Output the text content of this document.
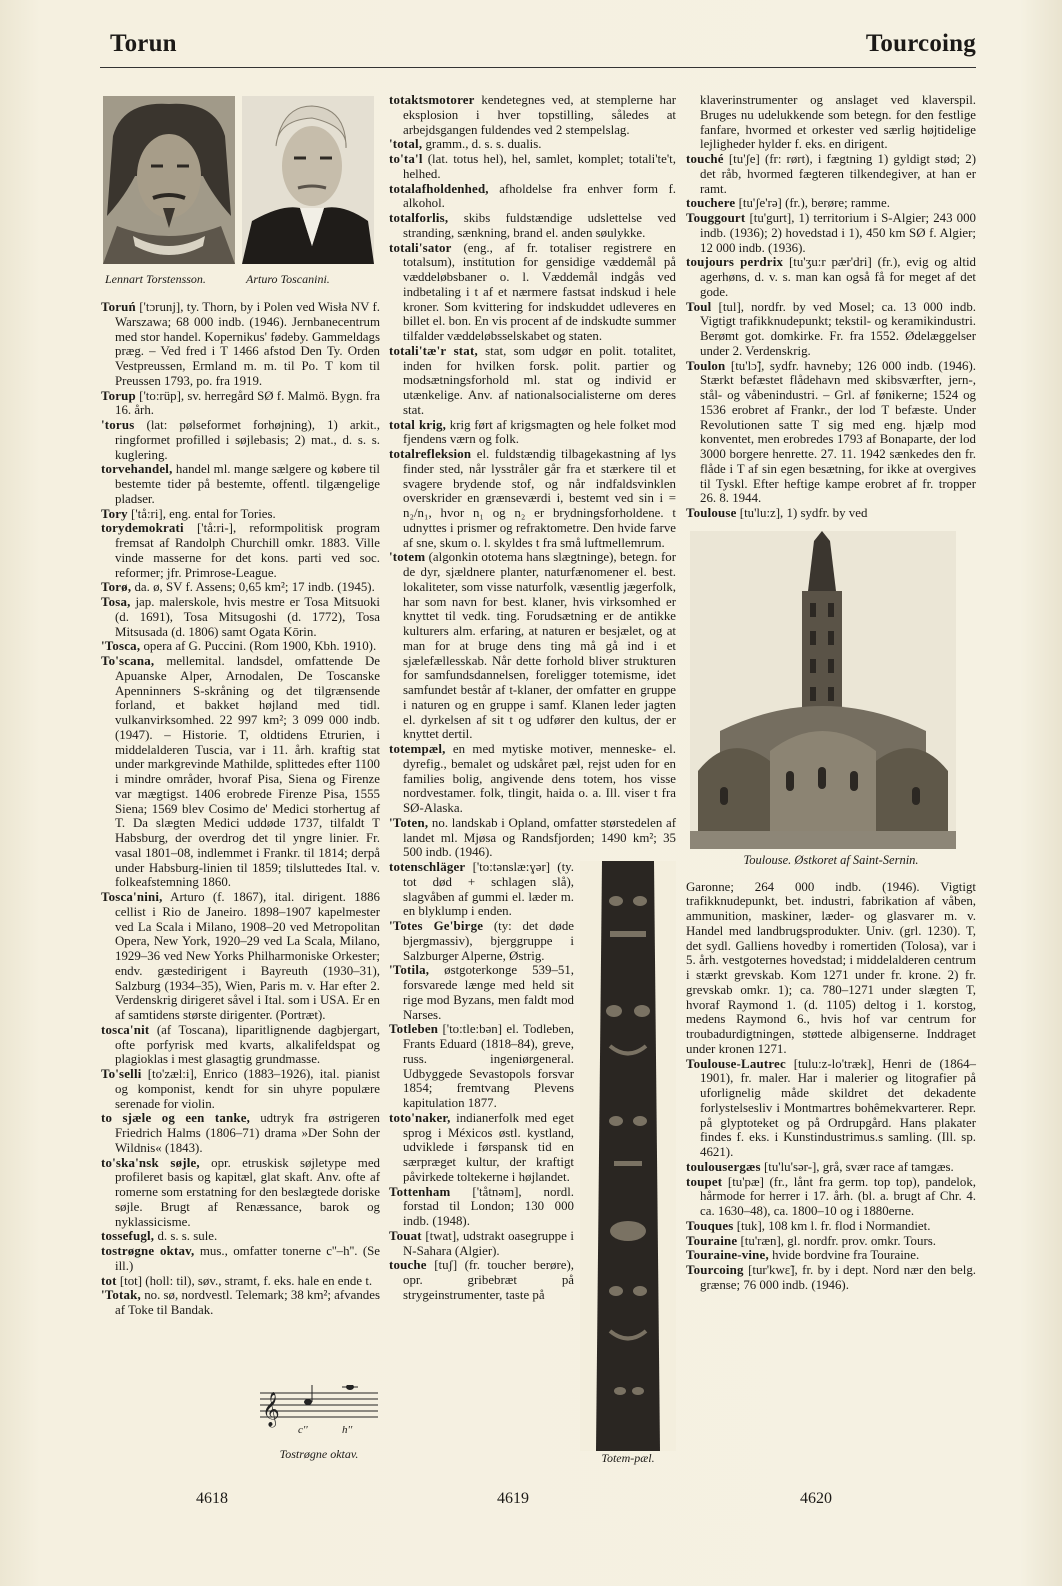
Torun	Tourcoing
Lennart Torstensson.	Arturo Toscanini.
𝄞
c''	h''
Tostrøgne oktav.

Toruń ['tɔrunj], ty. Thorn, by i Polen ved Wisła NV f. Warszawa; 68 000 indb. (1946). Jernbanecentrum med stor handel. Kopernikus' fødeby. Gammeldags præg. – Ved fred i T 1466 afstod Den Ty. Orden Vestpreussen, Ermland m. m. til Po. T kom til Preussen 1793, po. fra 1919.

Torup ['to:rüp], sv. herregård SØ f. Malmö. Bygn. fra 16. årh.

'torus (lat: pølseformet forhøjning), 1) arkit., ringformet profilled i søjlebasis; 2) mat., d. s. s. kuglering.

torvehandel, handel ml. mange sælgere og købere til bestemte tider på bestemte, offentl. tilgængelige pladser.

Tory ['tå:ri], eng. ental for Tories.

torydemokrati ['tå:ri-], reformpolitisk program fremsat af Randolph Churchill omkr. 1883. Ville vinde masserne for det kons. parti ved soc. reformer; jfr. Primrose-League.

Torø, da. ø, SV f. Assens; 0,65 km²; 17 indb. (1945).

Tosa, jap. malerskole, hvis mestre er Tosa Mitsuoki (d. 1691), Tosa Mitsugoshi (d. 1772), Tosa Mitsusada (d. 1806) samt Ogata Kōrin.

'Tosca, opera af G. Puccini. (Rom 1900, Kbh. 1910).

To'scana, mellemital. landsdel, omfattende De Apuanske Alper, Arnodalen, De Toscanske Apenninners S-skråning og det tilgrænsende forland, et bakket højland med tidl. vulkanvirksomhed. 22 997 km²; 3 099 000 indb. (1947). – Historie. T, oldtidens Etrurien, i middelalderen Tuscia, var i 11. årh. kraftig stat under markgrevinde Mathilde, splittedes efter 1100 i mindre områder, hvoraf Pisa, Siena og Firenze var mægtigst. 1406 erobrede Firenze Pisa, 1555 Siena; 1569 blev Cosimo de' Medici storhertug af T. Da slægten Medici uddøde 1737, tilfaldt T Habsburg, der overdrog det til yngre linier. Fr. vasal 1801–08, indlemmet i Frankr. til 1814; derpå under Habsburg-linien til 1859; tilsluttedes Ital. v. folkeafstemning 1860.

Tosca'nini, Arturo (f. 1867), ital. dirigent. 1886 cellist i Rio de Janeiro. 1898–1907 kapelmester ved La Scala i Milano, 1908–20 ved Metropolitan Opera, New York, 1920–29 ved La Scala, Milano, 1929–36 ved New Yorks Philharmoniske Orkester; endv. gæstedirigent i Bayreuth (1930–31), Salzburg (1934–35), Wien, Paris m. v. Har efter 2. Verdenskrig dirigeret såvel i Ital. som i USA. Er en af samtidens største dirigenter. (Portræt).

tosca'nit (af Toscana), liparitlignende dagbjergart, ofte porfyrisk med kvarts, alkalifeldspat og plagioklas i mest glasagtig grundmasse.

To'selli [to'zæl:i], Enrico (1883–1926), ital. pianist og komponist, kendt for sin uhyre populære serenade for violin.

to sjæle og een tanke, udtryk fra østrigeren Friedrich Halms (1806–71) drama »Der Sohn der Wildnis« (1843).

to'ska'nsk søjle, opr. etruskisk søjletype med profileret basis og kapitæl, glat skaft. Anv. ofte af romerne som erstatning for den beslægtede doriske søjle. Brugt af Renæssance, barok og nyklassicisme.

tossefugl, d. s. s. sule.

tostrøgne oktav, mus., omfatter tonerne c''–h''. (Se ill.)

tot [tot] (holl: til), søv., stramt, f. eks. hale en ende t.

'Totak, no. sø, nordvestl. Telemark; 38 km²; afvandes af Toke til Bandak.

Totem-pæl.

totaktsmotorer kendetegnes ved, at stemplerne har eksplosion i hver topstilling, således at arbejdsgangen fuldendes ved 2 stempelslag.

'total, gramm., d. s. s. dualis.

to'ta'l (lat. totus hel), hel, samlet, komplet; totali'te't, helhed.

totalafholdenhed, afholdelse fra enhver form f. alkohol.

totalforlis, skibs fuldstændige udslettelse ved stranding, sænkning, brand el. anden søulykke.

totali'sator (eng., af fr. totaliser registrere en totalsum), institution for gensidige væddemål på væddeløbsbaner o. l. Væddemål indgås ved indbetaling i t af et nærmere fastsat indskud i hele kroner. Som kvittering for indskuddet udleveres en billet el. bon. En vis procent af de indskudte summer tilfalder væddeløbsselskabet og staten.

totali'tæ'r stat, stat, som udgør en polit. totalitet, inden for hvilken forsk. polit. partier og modsætningsforhold ml. stat og individ er utænkelige. Anv. af nationalsocialisterne om deres stat.

total krig, krig ført af krigsmagten og hele folket mod fjendens værn og folk.

totalrefleksion el. fuldstændig tilbagekastning af lys finder sted, når lysstråler går fra et stærkere til et svagere brydende stof, og når indfaldsvinklen overskrider en grænseværdi i, bestemt ved sin i = n₂/n₁, hvor n₁ og n₂ er brydningsforholdene. t udnyttes i prismer og refraktometre. Den hvide farve af sne, skum o. l. skyldes t fra små luftmellemrum.

'totem (algonkin ototema hans slægtninge), betegn. for de dyr, sjældnere planter, naturfænomener el. best. lokaliteter, som visse naturfolk, væsentlig jægerfolk, har som navn for best. klaner, hvis virksomhed er knyttet til vedk. ting. Forudsætning er de antikke kulturers alm. erfaring, at naturen er besjælet, og at man for at bruge dens ting må gå ind i et sjælefællesskab. Når dette forhold bliver strukturen for samfundsdannelsen, foreligger totemisme, idet samfundet består af t-klaner, der omfatter en gruppe i naturen og en gruppe i samf. Klanen leder jagten el. dyrkelsen af sit t og udfører den kultus, der er knyttet dertil.

totempæl, en med mytiske motiver, menneske- el. dyrefig., bemalet og udskåret pæl, rejst uden for en families bolig, angivende dens totem, hos visse nordvestamer. folk, tlingit, haida o. a. Ill. viser t fra SØ-Alaska.

'Toten, no. landskab i Opland, omfatter størstedelen af landet ml. Mjøsa og Randsfjorden; 1490 km²; 35 500 indb. (1946).

totenschläger ['to:tənslæ:ɣər] (ty. tot død + schlagen slå), slagvåben af gummi el. læder m. en blyklump i enden.

'Totes Ge'birge (ty: det døde bjergmassiv), bjerggruppe i Salzburger Alperne, Østrig.

'Totila, østgoterkonge 539–51, forsvarede længe med held sit rige mod Byzans, men faldt mod Narses.

Totleben ['to:tle:bən] el. Todleben, Frants Eduard (1818–84), greve, russ. ingeniørgeneral. Udbyggede Sevastopols forsvar 1854; fremtvang Plevens kapitulation 1877.

toto'naker, indianerfolk med eget sprog i Méxicos østl. kystland, udviklede i førspansk tid en særpræget kultur, der kraftigt påvirkede toltekerne i højlandet.

Tottenham ['tåtnəm], nordl. forstad til London; 130 000 indb. (1948).

Touat [twat], udstrakt oasegruppe i N-Sahara (Algier).

touche [tuʃ] (fr. toucher berøre), opr. gribebræt på strygeinstrumenter, taste på

klaverinstrumenter og anslaget ved klaverspil. Bruges nu udelukkende som betegn. for den festlige fanfare, hvormed et orkester ved særlig højtidelige lejligheder hylder f. eks. en dirigent.

touché [tu'ʃe] (fr: rørt), i fægtning 1) gyldigt stød; 2) det råb, hvormed fægteren tilkendegiver, at han er ramt.

touchere [tu'ʃe'rə] (fr.), berøre; ramme.

Touggourt [tu'gurt], 1) territorium i S-Algier; 243 000 indb. (1936); 2) hovedstad i 1), 450 km SØ f. Algier; 12 000 indb. (1936).

toujours perdrix [tu'ʒu:r pær'dri] (fr.), evig og altid agerhøns, d. v. s. man kan også få for meget af det gode.

Toul [tul], nordfr. by ved Mosel; ca. 13 000 indb. Vigtigt trafikknudepunkt; tekstil- og keramikindustri. Berømt got. domkirke. Fr. fra 1552. Ødelæggelser under 2. Verdenskrig.

Toulon [tu'lɔ̃], sydfr. havneby; 126 000 indb. (1946). Stærkt befæstet flådehavn med skibsværfter, jern-, stål- og våbenindustri. – Grl. af fønikerne; 1524 og 1536 erobret af Frankr., der lod T befæste. Under Revolutionen satte T sig med eng. hjælp mod konventet, men erobredes 1793 af Bonaparte, der lod 3000 borgere henrette. 27. 11. 1942 sænkedes den fr. flåde i T af sin egen besætning, for ikke at overgives til Tyskl. Efter heftige kampe erobret af fr. tropper 26. 8. 1944.

Toulouse [tu'lu:z], 1) sydfr. by ved

Toulouse. Østkoret af Saint-Sernin.

Garonne; 264 000 indb. (1946). Vigtigt trafikknudepunkt, bet. industri, fabrikation af våben, ammunition, maskiner, læder- og glasvarer m. v. Handel med landbrugsprodukter. Univ. (grl. 1230). T, det sydl. Galliens hovedby i romertiden (Tolosa), var i 5. årh. vestgoternes hovedstad; i middelalderen centrum i stærkt grevskab. Kom 1271 under fr. krone. 2) fr. grevskab omkr. 1); ca. 780–1271 under slægten T, hvoraf Raymond 1. (d. 1105) deltog i 1. korstog, medens Raymond 6., hvis hof var centrum for troubadurdigtningen, støttede albigenserne. Inddraget under kronen 1271.

Toulouse-Lautrec [tulu:z-lo'træk], Henri de (1864–1901), fr. maler. Har i malerier og litografier på uforlignelig måde skildret det dekadente forlystelsesliv i Montmartres bohêmekvarterer. Repr. på glyptoteket og på Ordrupgård. Hans plakater findes f. eks. i Kunstindustrimus.s samling. (Ill. sp. 4621).

toulousergæs [tu'lu'sər-], grå, svær race af tamgæs.

toupet [tu'pæ] (fr., lånt fra germ. top top), pandelok, hårmode for herrer i 17. årh. (bl. a. brugt af Chr. 4. ca. 1630–48), ca. 1800–10 og i 1880erne.

Touques [tuk], 108 km l. fr. flod i Normandiet.

Touraine [tu'ræn], gl. nordfr. prov. omkr. Tours.

Touraine-vine, hvide bordvine fra Touraine.

Tourcoing [tur'kwɛ̃], fr. by i dept. Nord nær den belg. grænse; 76 000 indb. (1946).

4618	4619	4620
